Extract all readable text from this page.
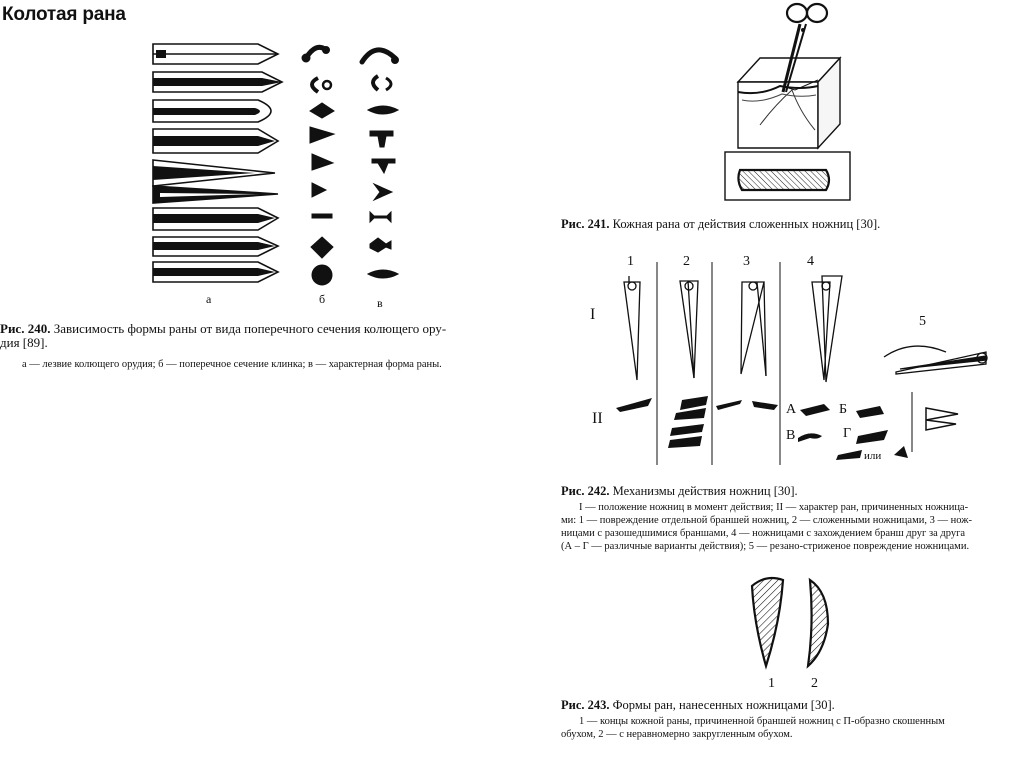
Колотая рана
а	б	в
Рис. 240. Зависимость формы раны от вида поперечного сечения колющего ору-
дия [89].
а — лезвие колющего орудия; б — поперечное сечение клинка; в — характерная форма раны.
Рис. 241. Кожная рана от действия сложенных ножниц [30].
1	2	3	4
5
I
II
А	Б
В	Г
или
Рис. 242. Механизмы действия ножниц [30].
I — положение ножниц в момент действия; II — характер ран, причиненных ножница-
ми: 1 — повреждение отдельной браншей ножниц, 2 — сложенными ножницами, 3 — нож-
ницами с разошедшимися браншами, 4 — ножницами с захождением бранш друг за друга
(А – Г — различные варианты действия); 5 — резано-стриженое повреждение ножницами.
1	2
Рис. 243. Формы ран, нанесенных ножницами [30].
1 — концы кожной раны, причиненной браншей ножниц с П-образно скошенным
обухом, 2 — с неравномерно закругленным обухом.
